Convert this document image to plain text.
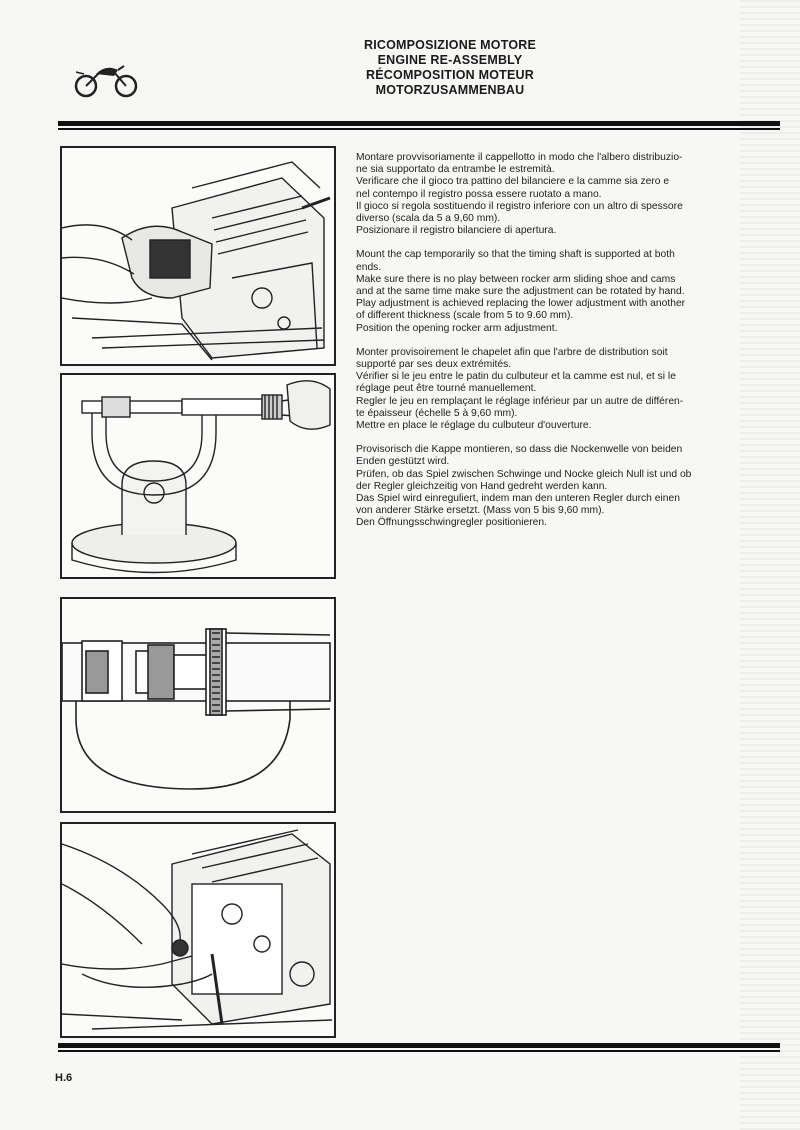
RICOMPOSIZIONE MOTORE
ENGINE RE-ASSEMBLY
RÉCOMPOSITION MOTEUR
MOTORZUSAMMENBAU

Montare provvisoriamente il cappellotto in modo che l'albero distribuzio-
ne sia supportato da entrambe le estremità.
Verificare che il gioco tra pattino del bilanciere e la camme sia zero e
nel contempo il registro possa essere ruotato a mano.
Il gioco si regola sostituendo il registro inferiore con un altro di spessore
diverso (scala da 5 a 9,60 mm).
Posizionare il registro bilanciere di apertura.

Mount the cap temporarily so that the timing shaft is supported at both
ends.
Make sure there is no play between rocker arm sliding shoe and cams
and at the same time make sure the adjustment can be rotated by hand.
Play adjustment is achieved replacing the lower adjustment with another
of different thickness (scale from 5 to 9.60 mm).
Position the opening rocker arm adjustment.

Monter provisoirement le chapelet afin que l'arbre de distribution soit
supporté par ses deux extrémités.
Vérifier si le jeu entre le patin du culbuteur et la camme est nul, et si le
réglage peut être tourné manuellement.
Regler le jeu en remplaçant le réglage inférieur par un autre de différen-
te épaisseur (échelle 5 à 9,60 mm).
Mettre en place le réglage du culbuteur d'ouverture.

Provisorisch die Kappe montieren, so dass die Nockenwelle von beiden
Enden gestützt wird.
Prüfen, ob das Spiel zwischen Schwinge und Nocke gleich Null ist und ob
der Regler gleichzeitig von Hand gedreht werden kann.
Das Spiel wird einreguliert, indem man den unteren Regler durch einen
von anderer Stärke ersetzt. (Mass von 5 bis 9,60 mm).
Den Öffnungsschwingregler positionieren.

H.6
